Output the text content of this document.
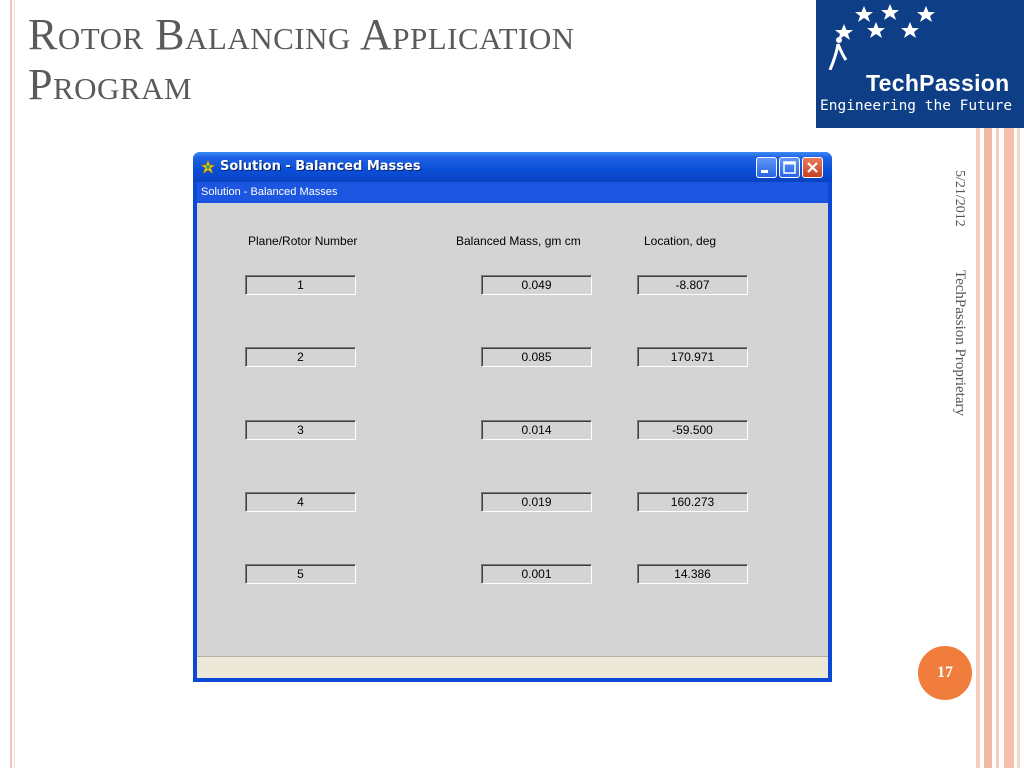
Rotor Balancing Application Program	TechPassion
Engineering the Future
5/21/2012
TechPassion Proprietary
17
Solution - Balanced Masses
Solution - Balanced Masses
Plane/Rotor Number	Balanced Mass, gm cm	Location, deg
1	0.049	-8.807
2	0.085	170.971
3	0.014	-59.500
4	0.019	160.273
5	0.001	14.386
